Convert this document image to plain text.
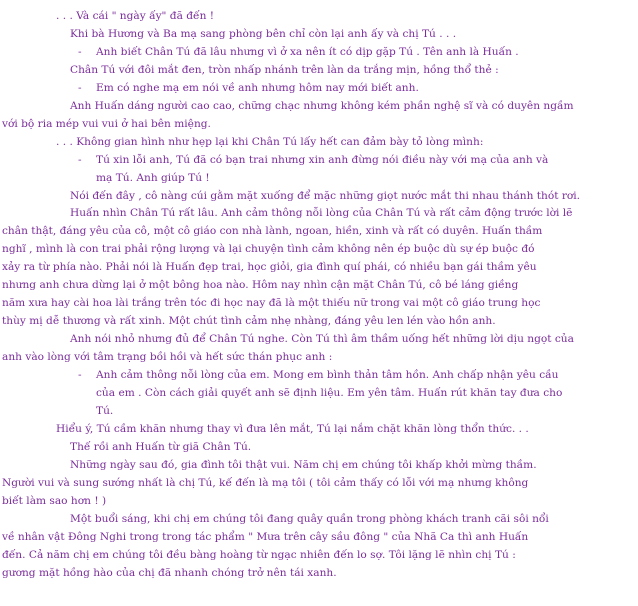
. . . Và cái " ngày ấy" đã đến !
Khi bà Hương và Ba mạ sang phòng bên chỉ còn lại anh ấy và chị Tú . . .
- Anh biết Chân Tú đã lâu nhưng vì ở xa nên ít có dịp gặp Tú . Tên anh là Huấn .
Chân Tú với đôi mắt đen, tròn nhấp nhánh trên làn da trắng mịn, hồng thổ thẻ :
- Em có nghe mạ em nói về anh nhưng hôm nay mới biết anh.
Anh Huấn dáng người cao cao, chững chạc nhưng không kém phần nghệ sĩ và có duyên ngầm
với bộ ria mép vui vui ở hai bên miệng.
. . . Không gian hình như hẹp lại khi Chân Tú lấy hết can đảm bày tỏ lòng mình:
- Tú xin lỗi anh, Tú đã có bạn trai nhưng xin anh đừng nói điều này với mạ của anh và
mạ Tú. Anh giúp Tú !
Nói đến đây , cô nàng cúi gằm mặt xuống để mặc những giọt nước mắt thi nhau thánh thót rơi.
Huấn nhìn Chân Tú rất lâu. Anh cảm thông nỗi lòng của Chân Tú và rất cảm động trước lời lẽ
chân thật, đáng yêu của cô, một cô giáo con nhà lành, ngoan, hiền, xinh và rất có duyên. Huấn thầm
nghĩ , mình là con trai phải rộng lượng và lại chuyện tình cảm không nên ép buộc dù sự ép buộc đó
xảy ra từ phía nào. Phải nói là Huấn đẹp trai, học giỏi, gia đình quí phái, có nhiều bạn gái thầm yêu
nhưng anh chưa dừng lại ở một bông hoa nào. Hôm nay nhìn cận mặt Chân Tú, cô bé láng giềng
năm xưa hay cài hoa lài trắng trên tóc đi học nay đã là một thiếu nữ trong vai một cô giáo trung học
thùy mị dễ thương và rất xinh. Một chút tình cảm nhẹ nhàng, đáng yêu len lén vào hồn anh.
Anh nói nhỏ nhưng đủ để Chân Tú nghe. Còn Tú thì âm thầm uống hết những lời dịu ngọt của
anh vào lòng với tâm trạng bồi hồi và hết sức thán phục anh :
- Anh cảm thông nỗi lòng của em. Mong em bình thản tâm hồn. Anh chấp nhận yêu cầu
của em . Còn cách giải quyết anh sẽ định liệu. Em yên tâm. Huấn rút khăn tay đưa cho
Tú.
Hiểu ý, Tú cầm khăn nhưng thay vì đưa lên mắt, Tú lại nắm chặt khăn lòng thổn thức. . .
Thế rồi anh Huấn từ giã Chân Tú.
Những ngày sau đó, gia đình tôi thật vui. Năm chị em chúng tôi khấp khởi mừng thầm.
Người vui và sung sướng nhất là chị Tú, kế đến là mạ tôi ( tôi cảm thấy có lỗi với mạ nhưng không
biết làm sao hơn ! )
Một buổi sáng, khi chị em chúng tôi đang quây quần trong phòng khách tranh cãi sôi nổi
về nhân vật Đông Nghi trong trong tác phẩm " Mưa trên cây sầu đông " của Nhã Ca thì anh Huấn
đến. Cả năm chị em chúng tôi đều bàng hoàng từ ngạc nhiên đến lo sợ. Tôi lặng lẽ nhìn chị Tú :
gương mặt hồng hào của chị đã nhanh chóng trở nên tái xanh.
